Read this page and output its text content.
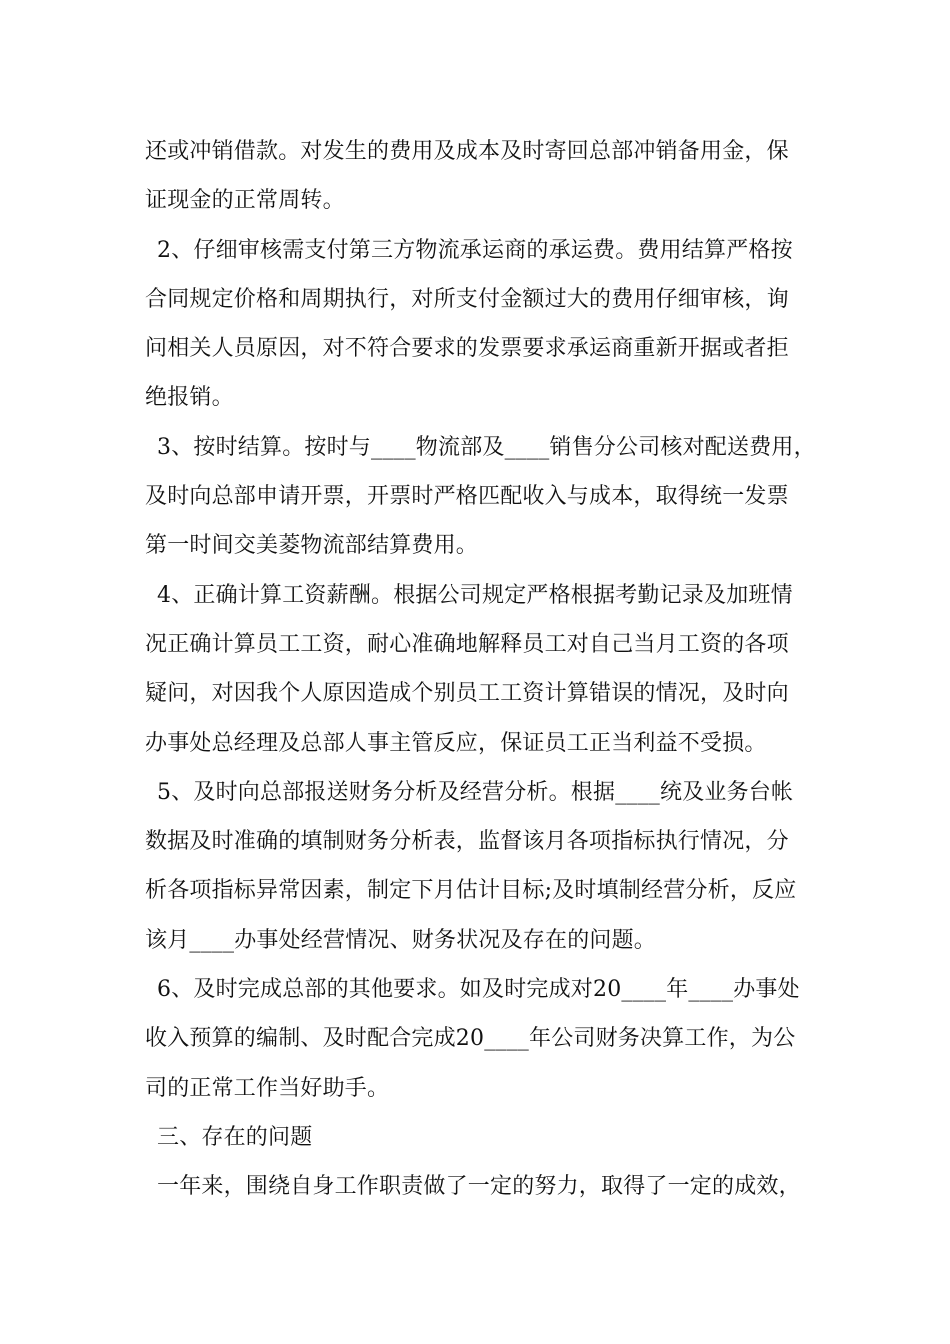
还或冲销借款。对发生的费用及成本及时寄回总部冲销备用金，保
证现金的正常周转。
2、仔细审核需支付第三方物流承运商的承运费。费用结算严格按
合同规定价格和周期执行，对所支付金额过大的费用仔细审核，询
问相关人员原因，对不符合要求的发票要求承运商重新开据或者拒
绝报销。
3、按时结算。按时与____物流部及____销售分公司核对配送费用，
及时向总部申请开票，开票时严格匹配收入与成本，取得统一发票
第一时间交美菱物流部结算费用。
4、正确计算工资薪酬。根据公司规定严格根据考勤记录及加班情
况正确计算员工工资，耐心准确地解释员工对自己当月工资的各项
疑问，对因我个人原因造成个别员工工资计算错误的情况，及时向
办事处总经理及总部人事主管反应，保证员工正当利益不受损。
5、及时向总部报送财务分析及经营分析。根据____统及业务台帐
数据及时准确的填制财务分析表，监督该月各项指标执行情况，分
析各项指标异常因素，制定下月估计目标;及时填制经营分析，反应
该月____办事处经营情况、财务状况及存在的问题。
6、及时完成总部的其他要求。如及时完成对20____年____办事处
收入预算的编制、及时配合完成20____年公司财务决算工作，为公
司的正常工作当好助手。
三、存在的问题
一年来，围绕自身工作职责做了一定的努力，取得了一定的成效，
